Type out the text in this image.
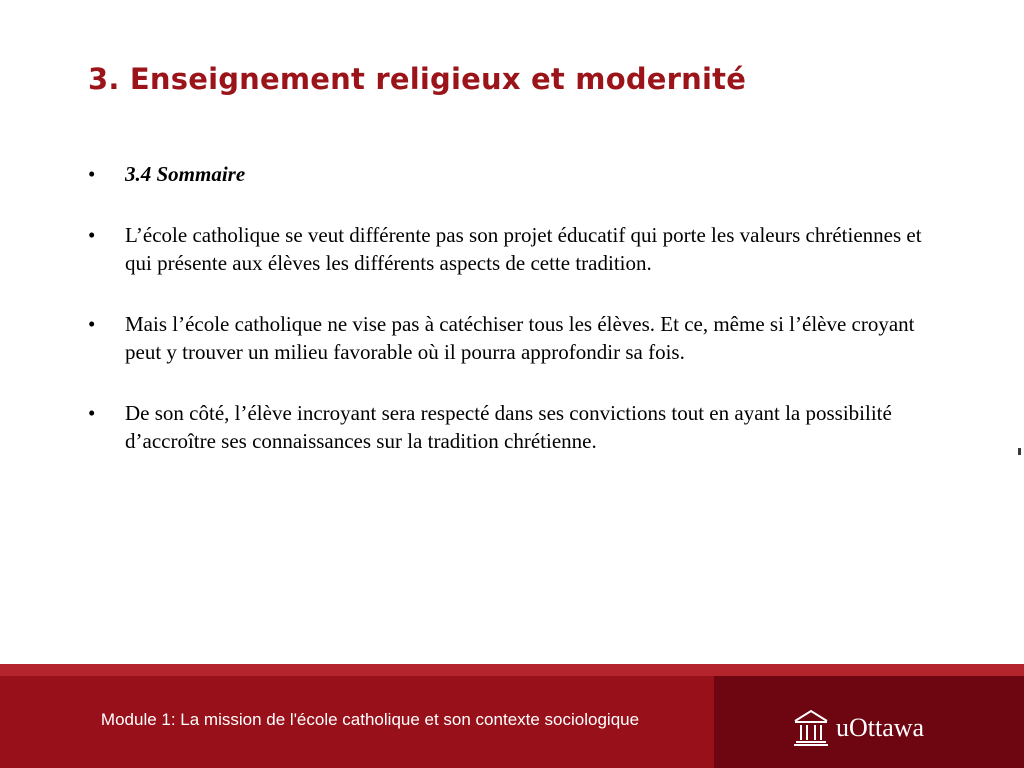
3. Enseignement religieux et modernité
• 3.4 Sommaire
• L’école catholique se veut différente pas son projet éducatif qui porte les valeurs chrétiennes et qui présente aux élèves les différents aspects de cette tradition.
• Mais l’école catholique ne vise pas à catéchiser tous les élèves. Et ce, même si l’élève croyant peut y trouver un milieu favorable où il pourra approfondir sa fois.
• De son côté, l’élève incroyant sera respecté dans ses convictions tout en ayant la possibilité d’accroître ses connaissances sur la tradition chrétienne.
Module 1: La mission de l'école catholique et son contexte sociologique	uOttawa
